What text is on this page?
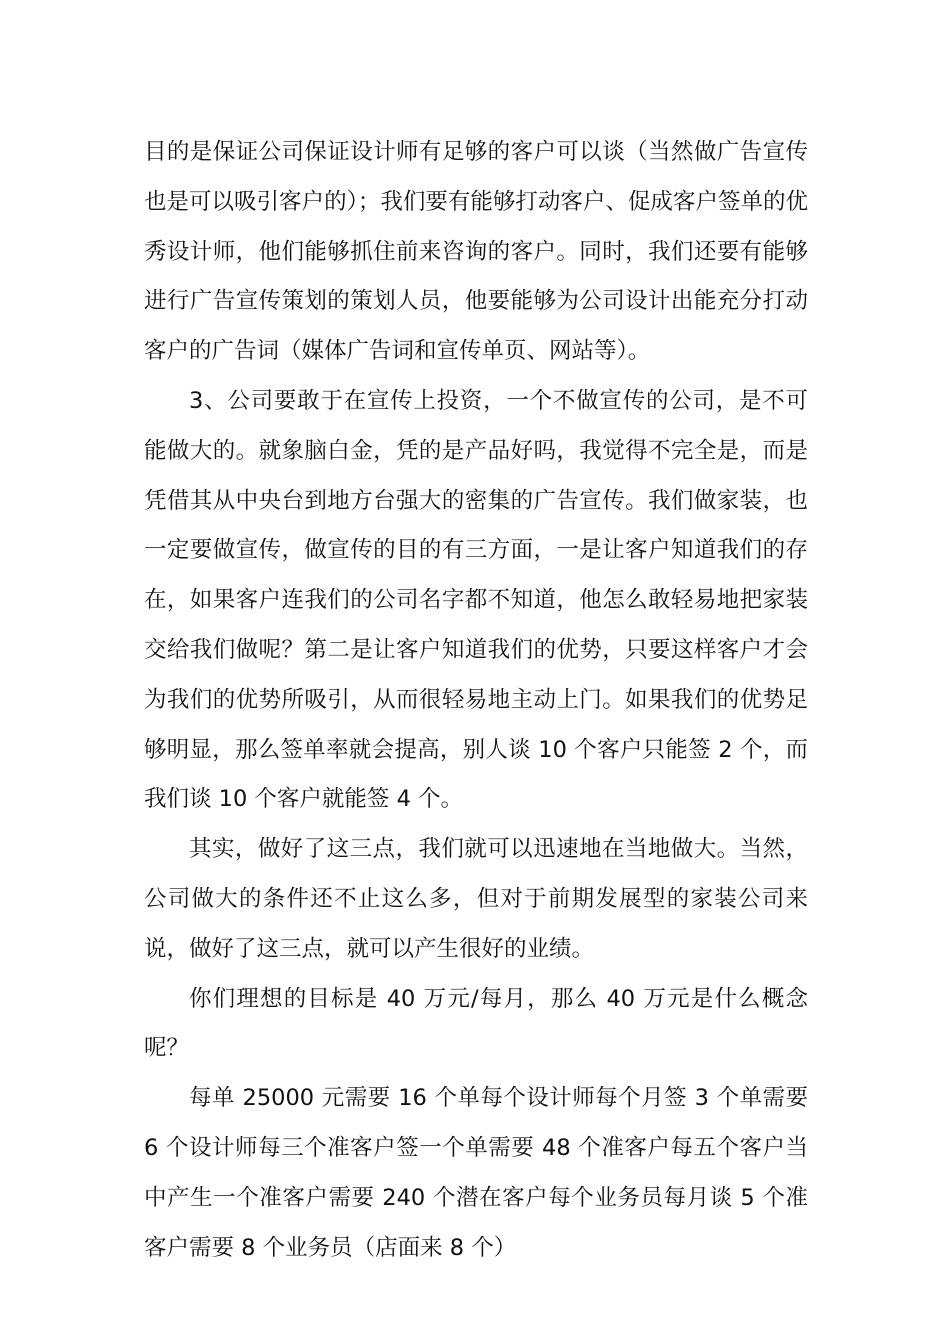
目的是保证公司保证设计师有足够的客户可以谈（当然做广告宣传也是可以吸引客户的）；我们要有能够打动客户、促成客户签单的优秀设计师，他们能够抓住前来咨询的客户。同时，我们还要有能够进行广告宣传策划的策划人员，他要能够为公司设计出能充分打动客户的广告词（媒体广告词和宣传单页、网站等）。

3、公司要敢于在宣传上投资，一个不做宣传的公司，是不可能做大的。就象脑白金，凭的是产品好吗，我觉得不完全是，而是凭借其从中央台到地方台强大的密集的广告宣传。我们做家装，也一定要做宣传，做宣传的目的有三方面，一是让客户知道我们的存在，如果客户连我们的公司名字都不知道，他怎么敢轻易地把家装交给我们做呢？第二是让客户知道我们的优势，只要这样客户才会为我们的优势所吸引，从而很轻易地主动上门。如果我们的优势足够明显，那么签单率就会提高，别人谈 10 个客户只能签 2 个，而我们谈 10 个客户就能签 4 个。

其实，做好了这三点，我们就可以迅速地在当地做大。当然，公司做大的条件还不止这么多，但对于前期发展型的家装公司来说，做好了这三点，就可以产生很好的业绩。

你们理想的目标是 40 万元/每月，那么 40 万元是什么概念呢？

每单 25000 元需要 16 个单每个设计师每个月签 3 个单需要 6 个设计师每三个准客户签一个单需要 48 个准客户每五个客户当中产生一个准客户需要 240 个潜在客户每个业务员每月谈 5 个准客户需要 8 个业务员（店面来 8 个）
